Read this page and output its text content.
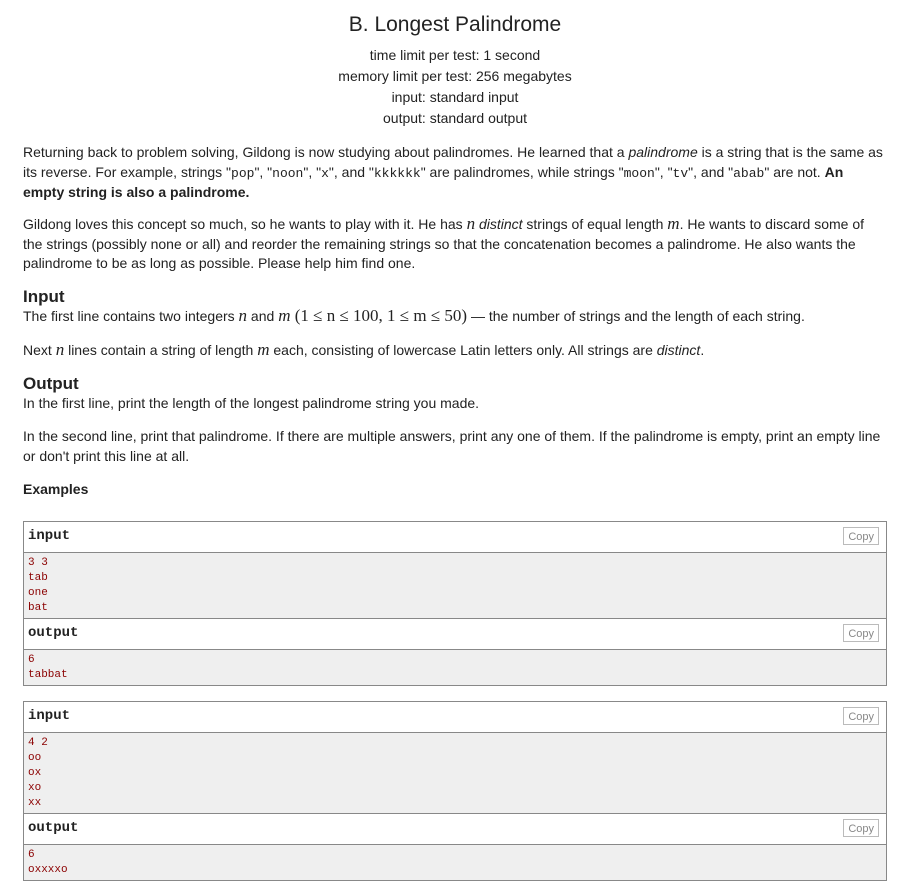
B. Longest Palindrome
time limit per test: 1 second
memory limit per test: 256 megabytes
input: standard input
output: standard output

Returning back to problem solving, Gildong is now studying about palindromes. He learned that a palindrome is a string that is the same as its reverse. For example, strings "pop", "noon", "x", and "kkkkkk" are palindromes, while strings "moon", "tv", and "abab" are not. An empty string is also a palindrome.

Gildong loves this concept so much, so he wants to play with it. He has n distinct strings of equal length m. He wants to discard some of the strings (possibly none or all) and reorder the remaining strings so that the concatenation becomes a palindrome. He also wants the palindrome to be as long as possible. Please help him find one.

Input

The first line contains two integers n and m (1 ≤ n ≤ 100, 1 ≤ m ≤ 50) — the number of strings and the length of each string.

Next n lines contain a string of length m each, consisting of lowercase Latin letters only. All strings are distinct.

Output

In the first line, print the length of the longest palindrome string you made.

In the second line, print that palindrome. If there are multiple answers, print any one of them. If the palindrome is empty, print an empty line or don't print this line at all.

Examples
input	Copy
3 3
tab
one
bat
output	Copy
6
tabbat
input	Copy
4 2
oo
ox
xo
xx
output	Copy
6
oxxxxo
